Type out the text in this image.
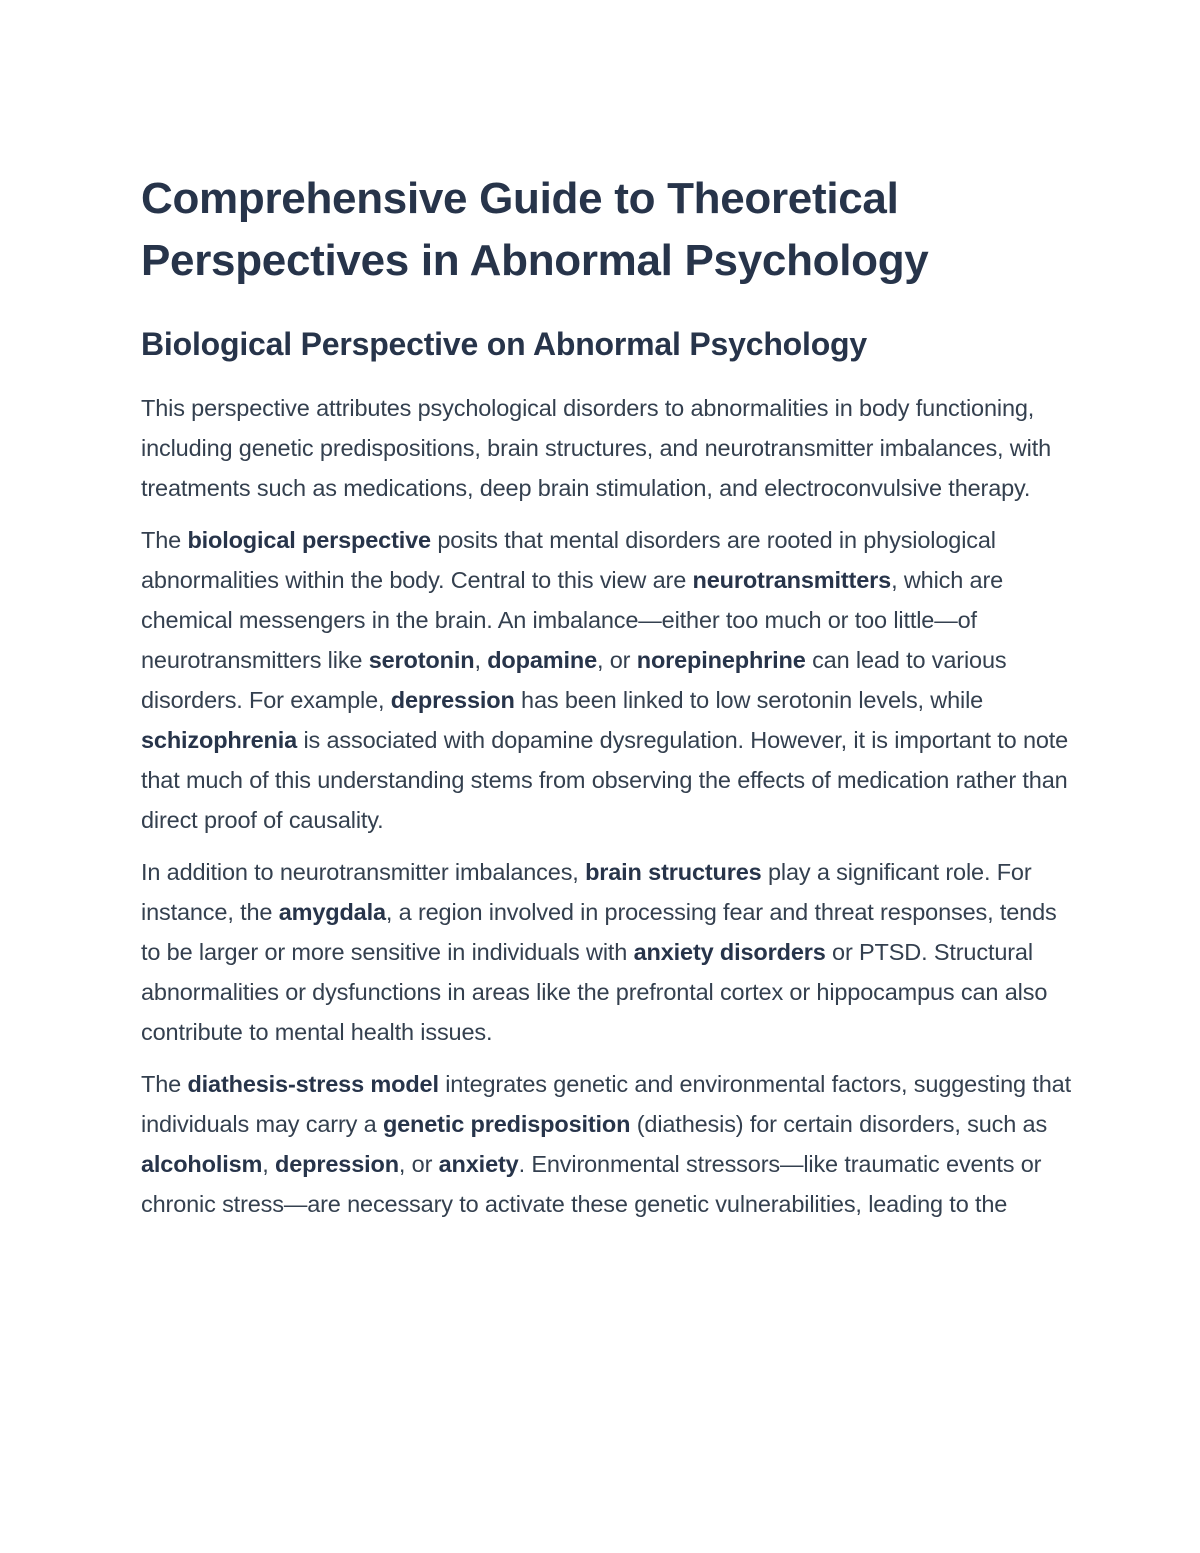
Comprehensive Guide to Theoretical Perspectives in Abnormal Psychology
Biological Perspective on Abnormal Psychology

This perspective attributes psychological disorders to abnormalities in body functioning, including genetic predispositions, brain structures, and neurotransmitter imbalances, with treatments such as medications, deep brain stimulation, and electroconvulsive therapy.

The biological perspective posits that mental disorders are rooted in physiological abnormalities within the body. Central to this view are neurotransmitters, which are chemical messengers in the brain. An imbalance—either too much or too little—of neurotransmitters like serotonin, dopamine, or norepinephrine can lead to various disorders. For example, depression has been linked to low serotonin levels, while schizophrenia is associated with dopamine dysregulation. However, it is important to note that much of this understanding stems from observing the effects of medication rather than direct proof of causality.

In addition to neurotransmitter imbalances, brain structures play a significant role. For instance, the amygdala, a region involved in processing fear and threat responses, tends to be larger or more sensitive in individuals with anxiety disorders or PTSD. Structural abnormalities or dysfunctions in areas like the prefrontal cortex or hippocampus can also contribute to mental health issues.

The diathesis-stress model integrates genetic and environmental factors, suggesting that individuals may carry a genetic predisposition (diathesis) for certain disorders, such as alcoholism, depression, or anxiety. Environmental stressors—like traumatic events or chronic stress—are necessary to activate these genetic vulnerabilities, leading to the
